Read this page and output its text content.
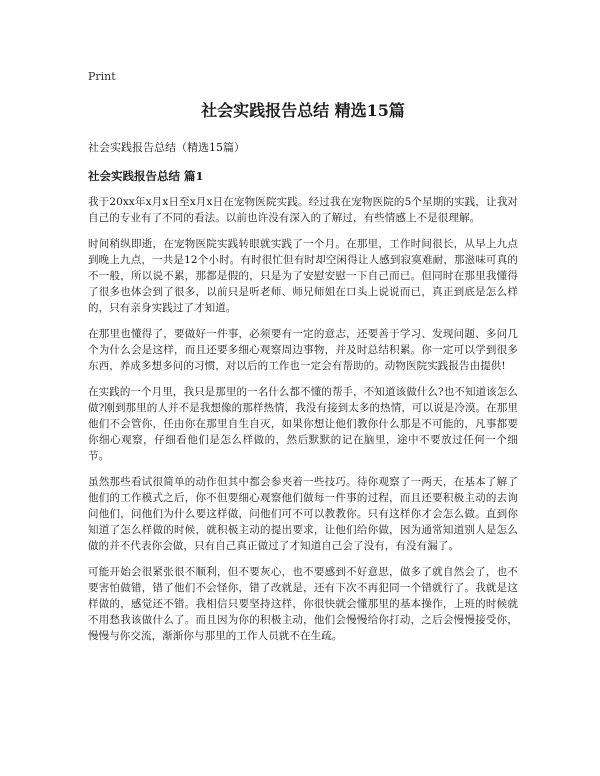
Print
社会实践报告总结 精选15篇

社会实践报告总结（精选15篇）

社会实践报告总结 篇1

我于20xx年x月x日至x月x日在宠物医院实践。经过我在宠物医院的5个星期的实践，让我对自己的专业有了不同的看法。以前也许没有深入的了解过，有些情感上不是很理解。

时间稍纵即逝，在宠物医院实践转眼就实践了一个月。在那里，工作时间很长，从早上九点到晚上九点，一共是12个小时。有时很忙但有时却空闲得让人感到寂寞难耐，那滋味可真的不一般，所以说不累，那都是假的，只是为了安慰安慰一下自己而已。但同时在那里我懂得了很多也体会到了很多，以前只是听老师、师兄师姐在口头上说说而已，真正到底是怎么样的，只有亲身实践过了才知道。

在那里也懂得了，要做好一件事，必须要有一定的意志，还要善于学习、发现问题、多问几个为什么会是这样，而且还要多细心观察周边事物，并及时总结积累。你一定可以学到很多东西，养成多想多问的习惯，对以后的工作也一定会有帮助的。动物医院实践报告由提供!

在实践的一个月里，我只是那里的一名什么都不懂的帮手，不知道该做什么?也不知道该怎么做?刚到那里的人并不是我想像的那样热情，我没有接到太多的热情，可以说是冷漠。在那里他们不会管你，任由你在那里自生自灭，如果你想让他们教你什么那是不可能的，凡事都要你细心观察，仔细看他们是怎么样做的，然后默默的记在脑里，途中不要放过任何一个细节。

虽然那些看试很简单的动作但其中都会参夹着一些技巧。待你观察了一两天，在基本了解了他们的工作模式之后，你不但要细心观察他们做每一件事的过程，而且还要积极主动的去询问他们，问他们为什么要这样做，问他们可不可以教教你。只有这样你才会怎么做。直到你知道了怎么样做的时候，就积极主动的提出要求，让他们给你做，因为通常知道别人是怎么做的并不代表你会做，只有自己真正做过了才知道自己会了没有，有没有漏了。

可能开始会很紧张很不顺利，但不要灰心，也不要感到不好意思，做多了就自然会了，也不要害怕做错，错了他们不会怪你，错了改就是，还有下次不再犯同一个错就行了。我就是这样做的，感觉还不错。我相信只要坚持这样，你很快就会懂那里的基本操作，上班的时候就不用愁我该做什么了。而且因为你的积极主动，他们会慢慢给你打动，之后会慢慢接受你，慢慢与你交流，渐渐你与那里的工作人员就不在生疏。
